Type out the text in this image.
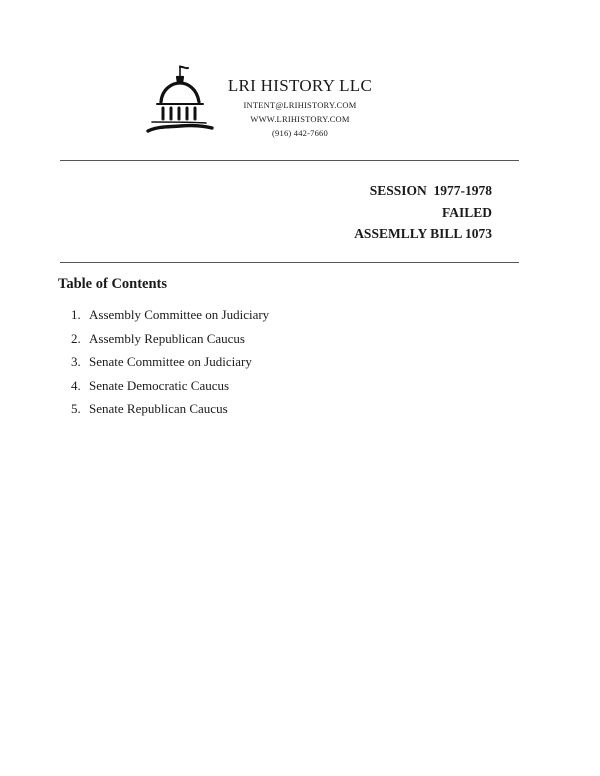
LRI HISTORY LLC
INTENT@LRIHISTORY.COM
WWW.LRIHISTORY.COM
(916) 442-7660
SESSION  1977-1978
FAILED
ASSEMLLY BILL 1073
Table of Contents
1. Assembly Committee on Judiciary
2. Assembly Republican Caucus
3. Senate Committee on Judiciary
4. Senate Democratic Caucus
5. Senate Republican Caucus
